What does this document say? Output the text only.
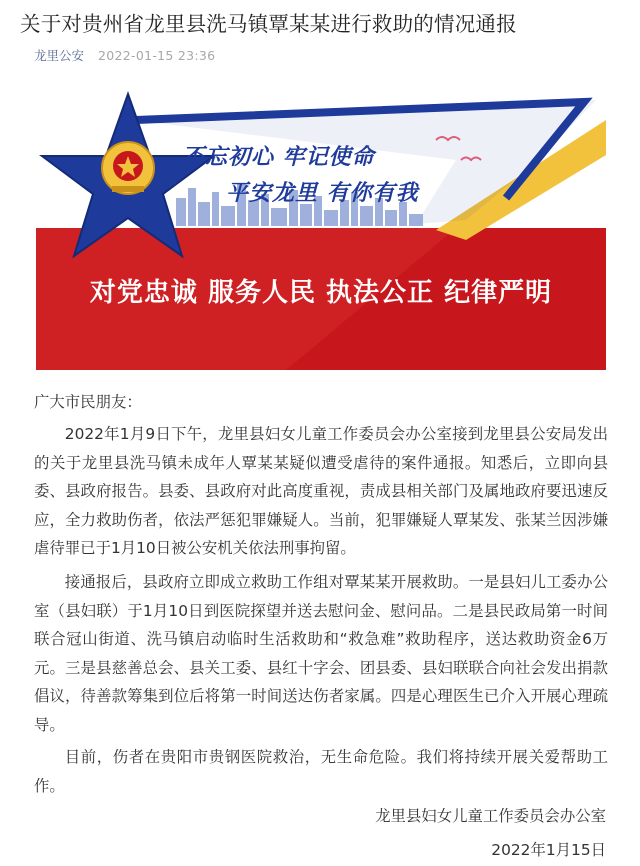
关于对贵州省龙里县洗马镇覃某某进行救助的情况通报
龙里公安 2022-01-15 23:36
不忘初心 牢记使命
平安龙里 有你有我
对党忠诚 服务人民 执法公正 纪律严明
广大市民朋友：
2022年1月9日下午，龙里县妇女儿童工作委员会办公室接到龙里县公安局发出的关于龙里县洗马镇未成年人覃某某疑似遭受虐待的案件通报。知悉后，立即向县委、县政府报告。县委、县政府对此高度重视，责成县相关部门及属地政府要迅速反应，全力救助伤者，依法严惩犯罪嫌疑人。当前，犯罪嫌疑人覃某发、张某兰因涉嫌虐待罪已于1月10日被公安机关依法刑事拘留。
接通报后，县政府立即成立救助工作组对覃某某开展救助。一是县妇儿工委办公室（县妇联）于1月10日到医院探望并送去慰问金、慰问品。二是县民政局第一时间联合冠山街道、洗马镇启动临时生活救助和“救急难”救助程序，送达救助资金6万元。三是县慈善总会、县关工委、县红十字会、团县委、县妇联联合向社会发出捐款倡议，待善款筹集到位后将第一时间送达伤者家属。四是心理医生已介入开展心理疏导。
目前，伤者在贵阳市贵钢医院救治，无生命危险。我们将持续开展关爱帮助工作。
龙里县妇女儿童工作委员会办公室
2022年1月15日
